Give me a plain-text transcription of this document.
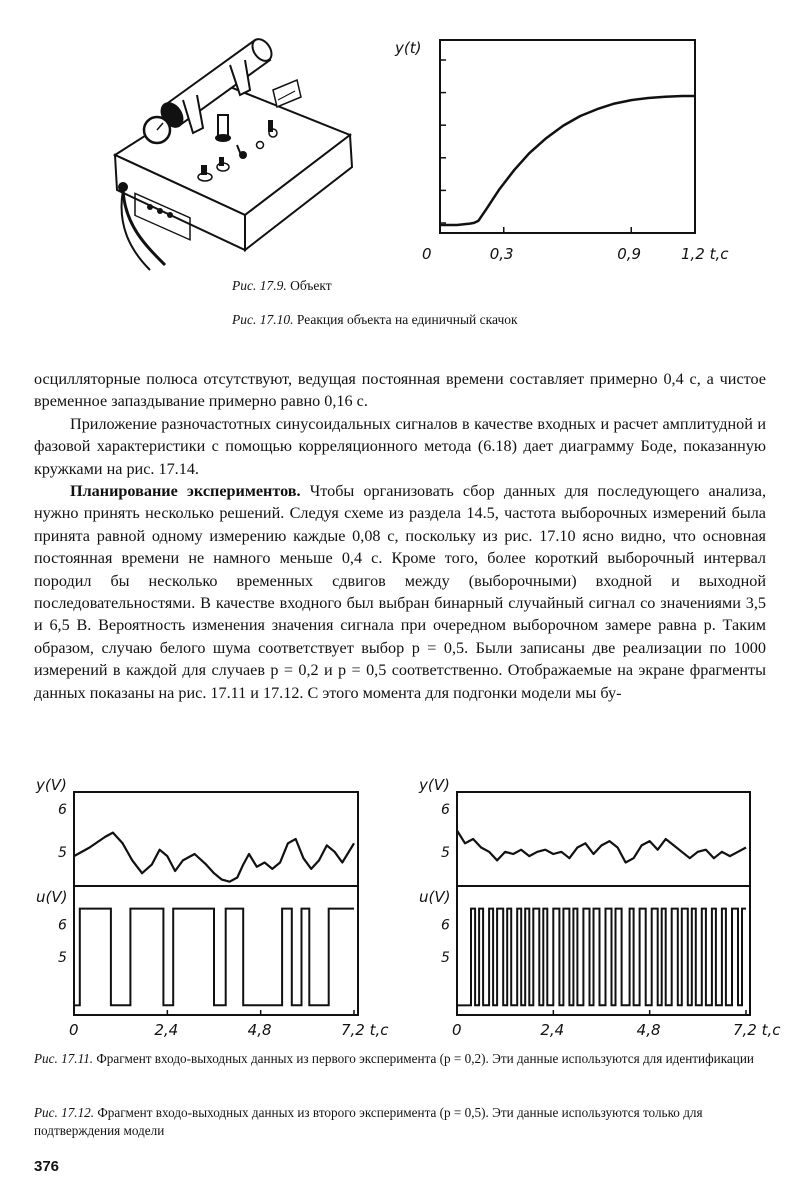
Рис. 17.9. Объект
0	0,3	0,9	1,2 t,c
y(t)
Рис. 17.10. Реакция объекта на единичный скачок

осцилляторные полюса отсутствуют, ведущая постоянная времени составляет примерно 0,4 с, а чистое временное запаздывание примерно равно 0,16 с.

Приложение разночастотных синусоидальных сигналов в качестве входных и расчет амплитудной и фазовой характеристики с помощью корреляционного метода (6.18) дает диаграмму Боде, показанную кружками на рис. 17.14.

Планирование экспериментов. Чтобы организовать сбор данных для последующего анализа, нужно принять несколько решений. Следуя схеме из раздела 14.5, частота выборочных измерений была принята равной одному измерению каждые 0,08 с, поскольку из рис. 17.10 ясно видно, что основная постоянная времени не намного меньше 0,4 с. Кроме того, более короткий выборочный интервал породил бы несколько временных сдвигов между (выборочными) входной и выходной последовательностями. В качестве входного был выбран бинарный случайный сигнал со значениями 3,5 и 6,5 В. Вероятность изменения значения сигнала при очередном выборочном замере равна p. Таким образом, случаю белого шума соответствует выбор p = 0,5. Были записаны две реализации по 1000 измерений в каждой для случаев p = 0,2 и p = 0,5 соответственно. Отображаемые на экране фрагменты данных показаны на рис. 17.11 и 17.12. С этого момента для подгонки модели мы бу-

y(V)
u(V)
6
5
6
5
0	2,4	4,8	7,2 t,c
y(V)
u(V)
6
5
6
5
0	2,4	4,8	7,2 t,c
Рис. 17.11. Фрагмент входо-выходных данных из первого эксперимента (p = 0,2). Эти данные используются для идентификации
Рис. 17.12. Фрагмент входо-выходных данных из второго эксперимента (p = 0,5). Эти данные используются только для подтверждения модели
376
